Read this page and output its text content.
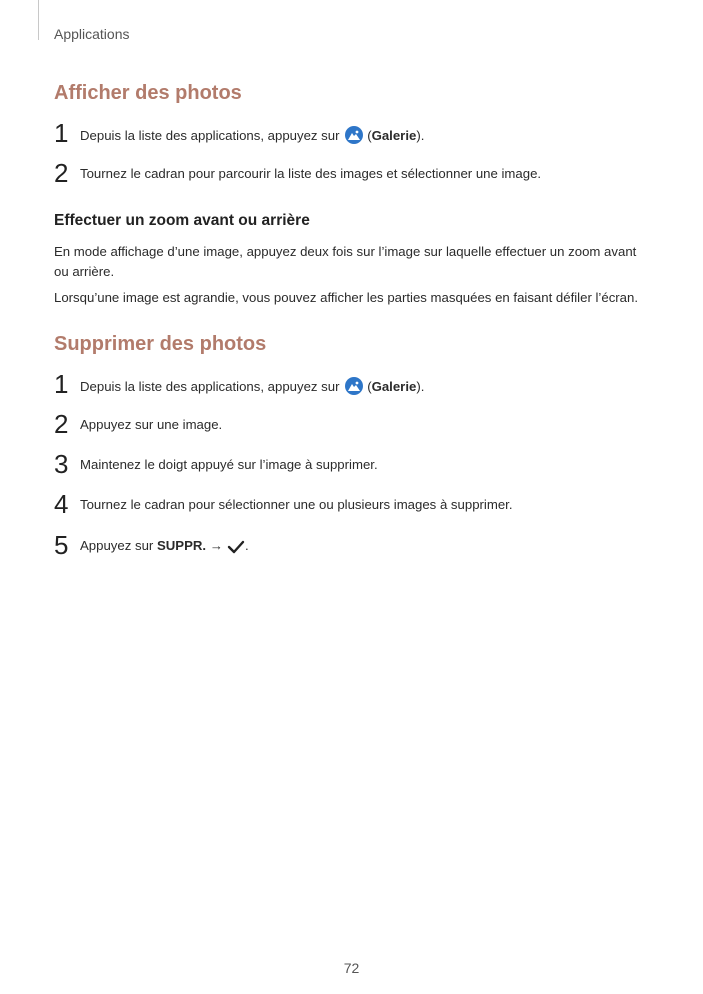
Applications
Afficher des photos
1 Depuis la liste des applications, appuyez sur (Galerie).
2 Tournez le cadran pour parcourir la liste des images et sélectionner une image.
Effectuer un zoom avant ou arrière
En mode affichage d’une image, appuyez deux fois sur l’image sur laquelle effectuer un zoom avant ou arrière.
Lorsqu’une image est agrandie, vous pouvez afficher les parties masquées en faisant défiler l’écran.
Supprimer des photos
1 Depuis la liste des applications, appuyez sur (Galerie).
2 Appuyez sur une image.
3 Maintenez le doigt appuyé sur l’image à supprimer.
4 Tournez le cadran pour sélectionner une ou plusieurs images à supprimer.
5 Appuyez sur SUPPR. → .
72
